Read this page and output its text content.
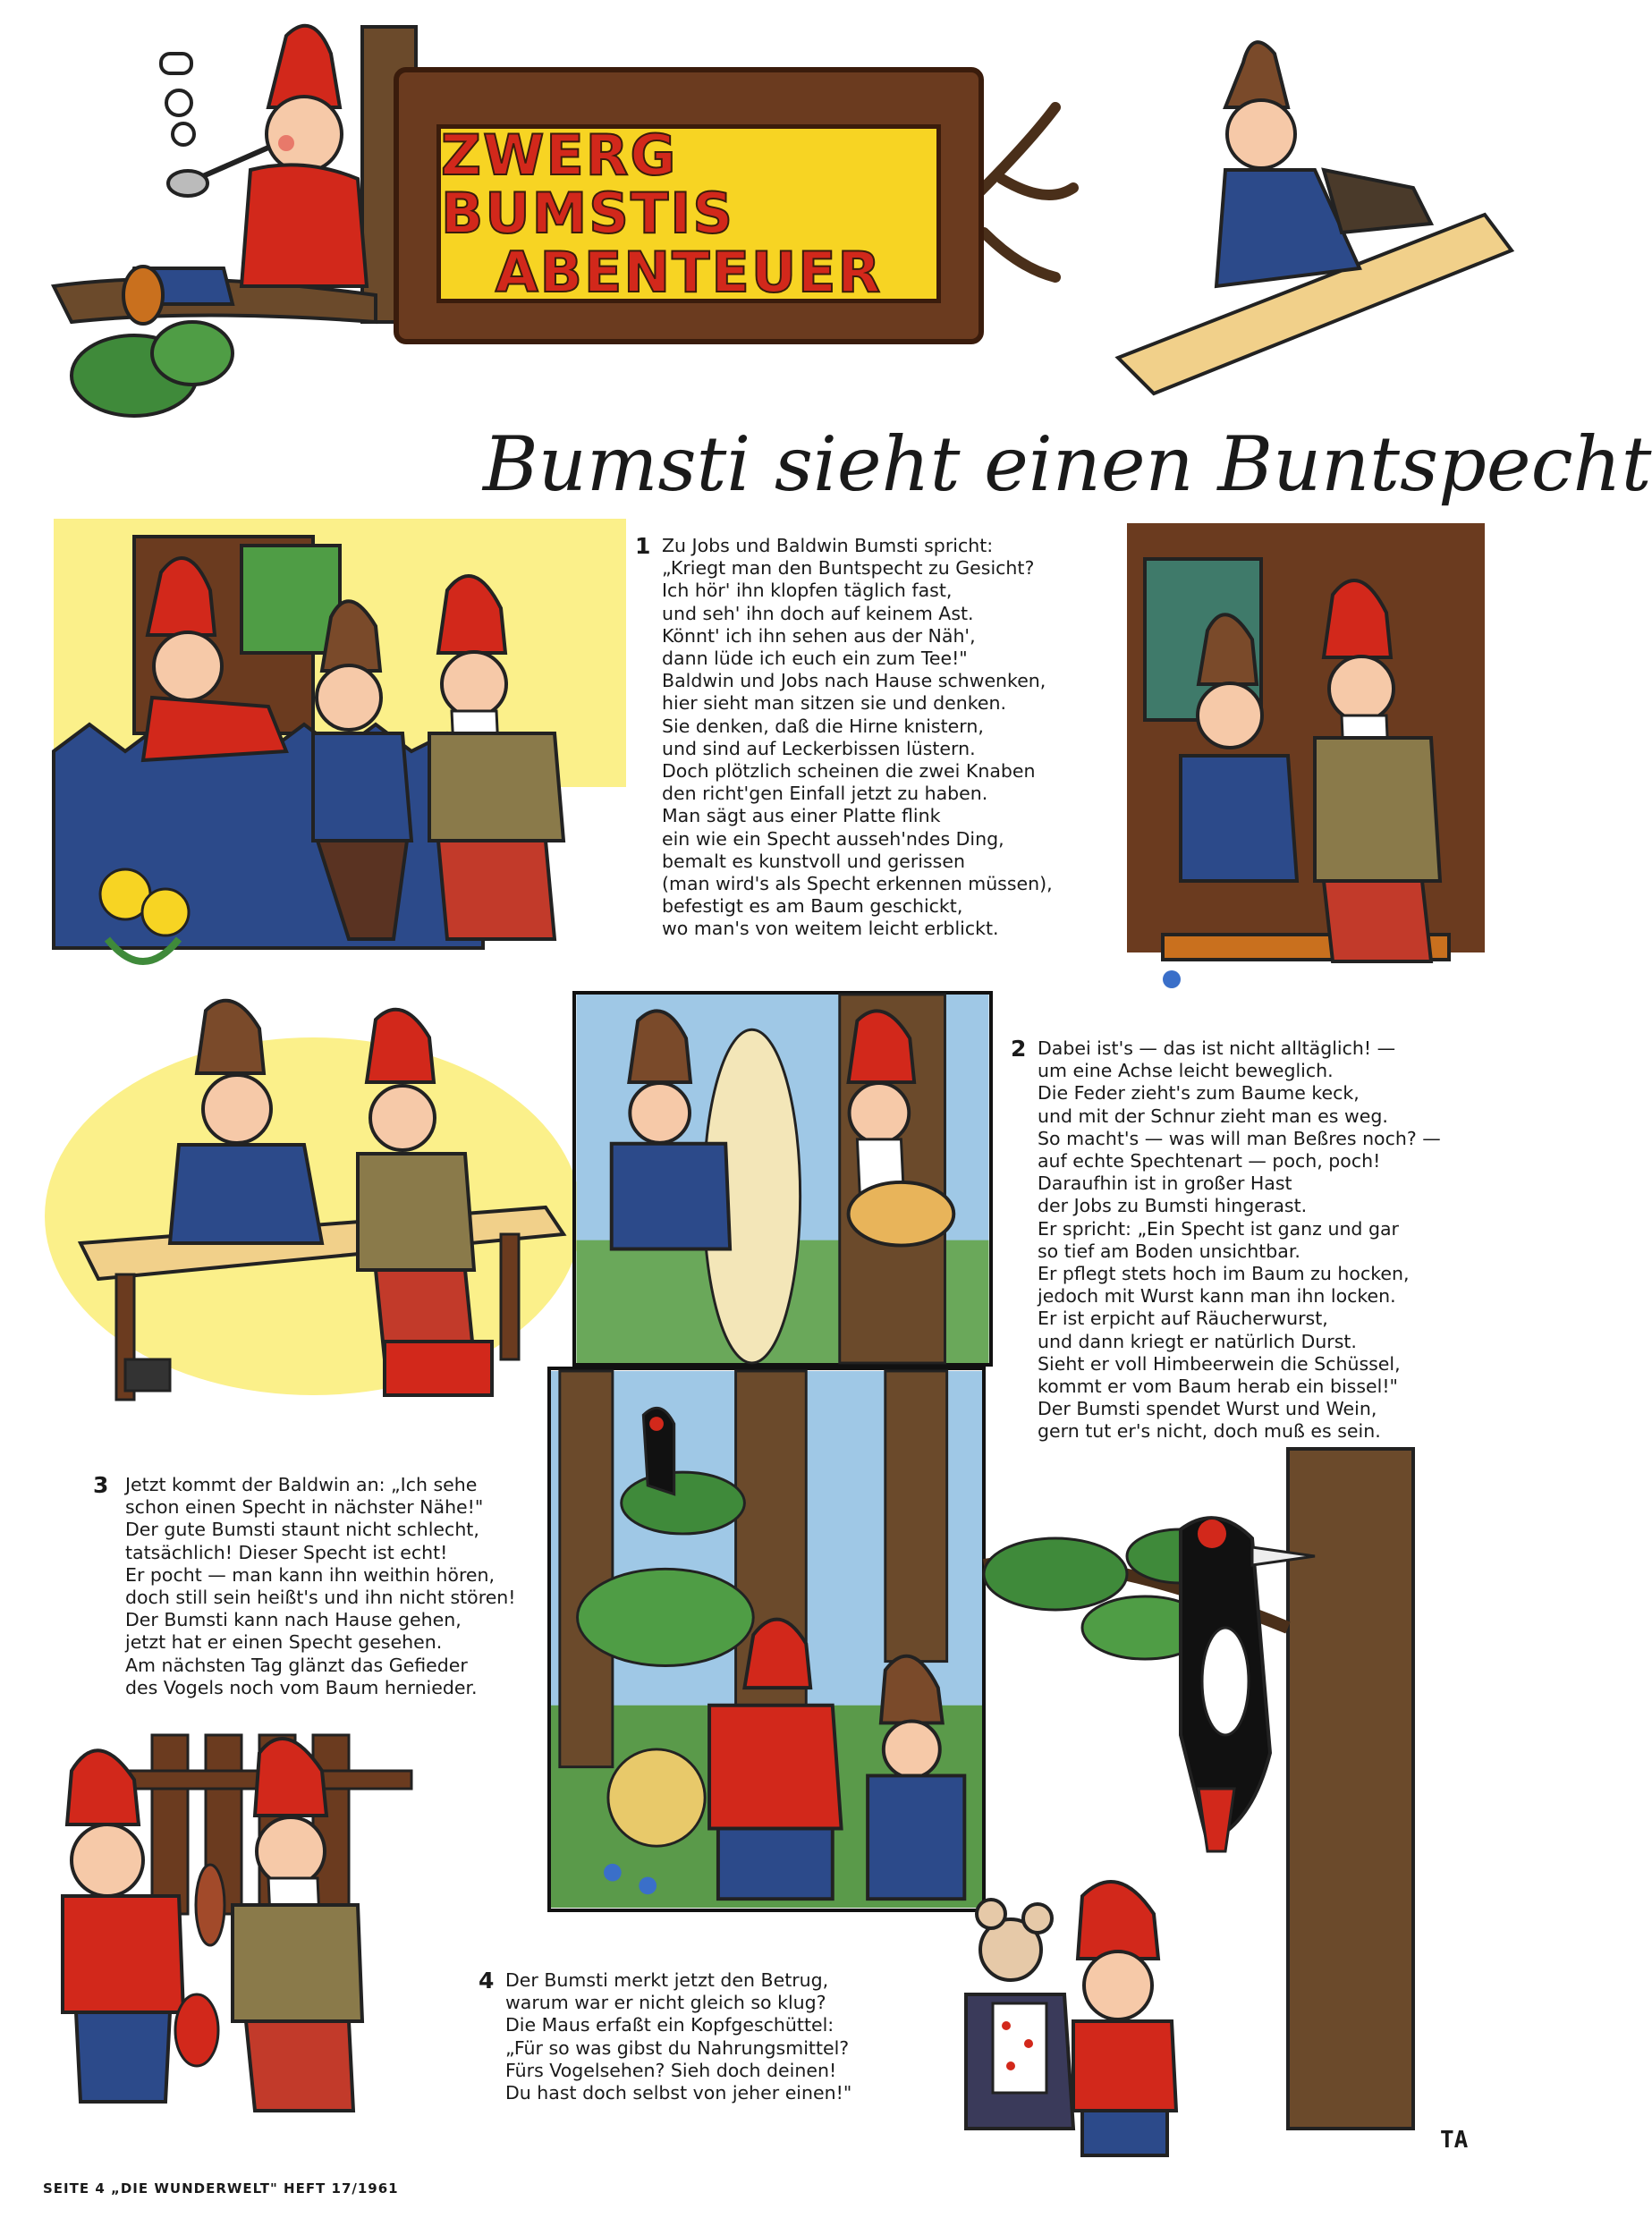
ZWERG BUMSTIS
ABENTEUER
Bumsti sieht einen Buntspecht
1 Zu Jobs und Baldwin Bumsti spricht:
„Kriegt man den Buntspecht zu Gesicht?
Ich hör' ihn klopfen täglich fast,
und seh' ihn doch auf keinem Ast.
Könnt' ich ihn sehen aus der Näh',
dann lüde ich euch ein zum Tee!"
Baldwin und Jobs nach Hause schwenken,
hier sieht man sitzen sie und denken.
Sie denken, daß die Hirne knistern,
und sind auf Leckerbissen lüstern.
Doch plötzlich scheinen die zwei Knaben
den richt'gen Einfall jetzt zu haben.
Man sägt aus einer Platte flink
ein wie ein Specht ausseh'ndes Ding,
bemalt es kunstvoll und gerissen
(man wird's als Specht erkennen müssen),
befestigt es am Baum geschickt,
wo man's von weitem leicht erblickt.
2 Dabei ist's — das ist nicht alltäglich! —
um eine Achse leicht beweglich.
Die Feder zieht's zum Baume keck,
und mit der Schnur zieht man es weg.
So macht's — was will man Beßres noch? —
auf echte Spechtenart — poch, poch!
Daraufhin ist in großer Hast
der Jobs zu Bumsti hingerast.
Er spricht: „Ein Specht ist ganz und gar
so tief am Boden unsichtbar.
Er pflegt stets hoch im Baum zu hocken,
jedoch mit Wurst kann man ihn locken.
Er ist erpicht auf Räucherwurst,
und dann kriegt er natürlich Durst.
Sieht er voll Himbeerwein die Schüssel,
kommt er vom Baum herab ein bissel!"
Der Bumsti spendet Wurst und Wein,
gern tut er's nicht, doch muß es sein.
3 Jetzt kommt der Baldwin an: „Ich sehe
schon einen Specht in nächster Nähe!"
Der gute Bumsti staunt nicht schlecht,
tatsächlich! Dieser Specht ist echt!
Er pocht — man kann ihn weithin hören,
doch still sein heißt's und ihn nicht stören!
Der Bumsti kann nach Hause gehen,
jetzt hat er einen Specht gesehen.
Am nächsten Tag glänzt das Gefieder
des Vogels noch vom Baum hernieder.
4 Der Bumsti merkt jetzt den Betrug,
warum war er nicht gleich so klug?
Die Maus erfaßt ein Kopfgeschüttel:
„Für so was gibst du Nahrungsmittel?
Fürs Vogelsehen? Sieh doch deinen!
Du hast doch selbst von jeher einen!"
TA
SEITE 4 „DIE WUNDERWELT" HEFT 17/1961
